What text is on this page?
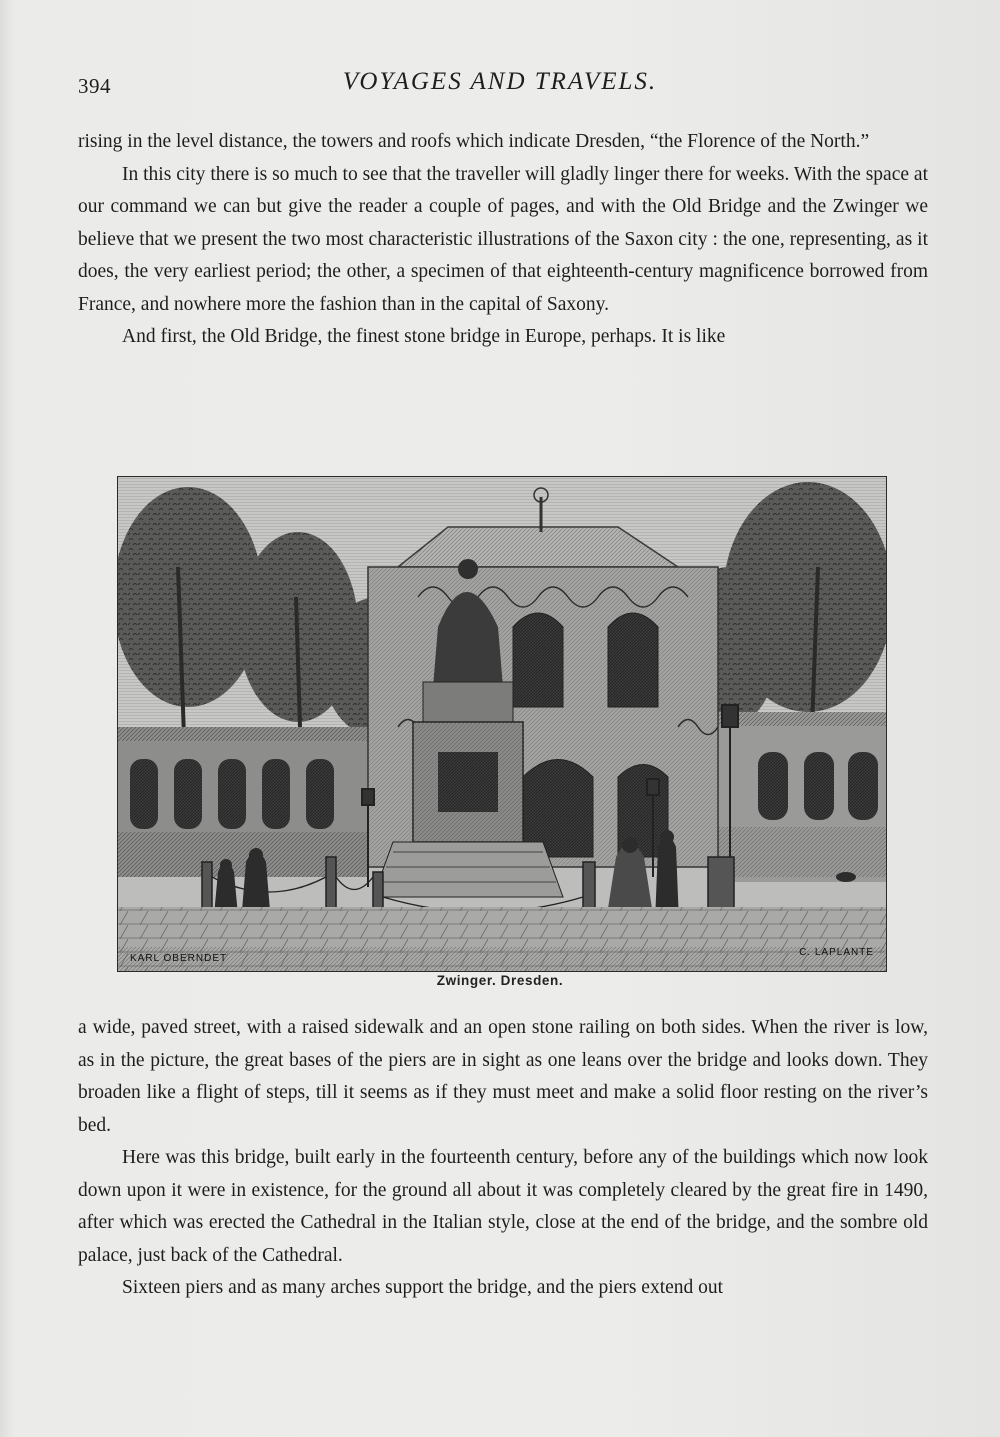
394	VOYAGES AND TRAVELS.

rising in the level distance, the towers and roofs which indicate Dresden, “the Florence of the North.”

In this city there is so much to see that the traveller will gladly linger there for weeks. With the space at our command we can but give the reader a couple of pages, and with the Old Bridge and the Zwinger we believe that we present the two most characteristic illustrations of the Saxon city : the one, representing, as it does, the very earliest period; the other, a specimen of that eighteenth-century magnificence borrowed from France, and nowhere more the fashion than in the capital of Saxony.

And first, the Old Bridge, the finest stone bridge in Europe, perhaps. It is like

KARL OBERNDET
C. LAPLANTE
Zwinger. Dresden.

a wide, paved street, with a raised sidewalk and an open stone railing on both sides. When the river is low, as in the picture, the great bases of the piers are in sight as one leans over the bridge and looks down. They broaden like a flight of steps, till it seems as if they must meet and make a solid floor resting on the river’s bed.

Here was this bridge, built early in the fourteenth century, before any of the buildings which now look down upon it were in existence, for the ground all about it was completely cleared by the great fire in 1490, after which was erected the Cathedral in the Italian style, close at the end of the bridge, and the sombre old palace, just back of the Cathedral.

Sixteen piers and as many arches support the bridge, and the piers extend out
